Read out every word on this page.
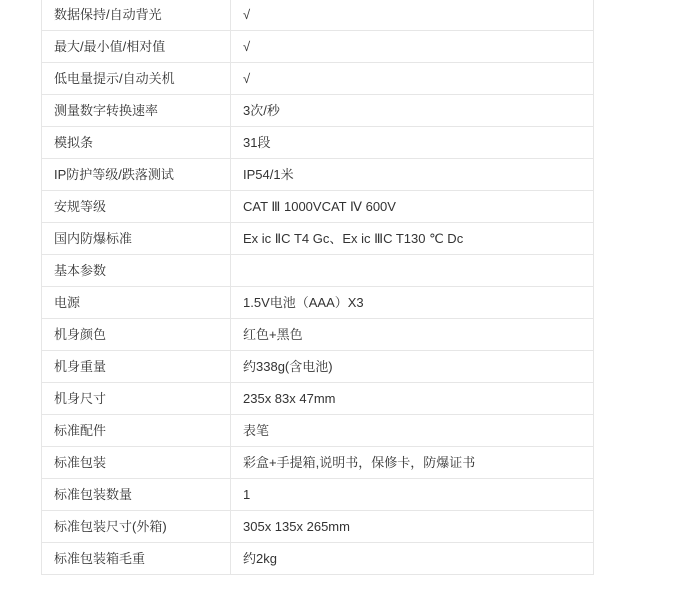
数据保持/自动背光	√
最大/最小值/相对值	√
低电量提示/自动关机	√
测量数字转换速率	3次/秒
模拟条	31段
IP防护等级/跌落测试	IP54/1米
安规等级	CAT Ⅲ 1000VCAT Ⅳ 600V
国内防爆标准	Ex ic ⅡC T4 Gc、Ex ic ⅢC T130 ℃ Dc
基本参数	
电源	1.5V电池（AAA）X3
机身颜色	红色+黑色
机身重量	约338g(含电池)
机身尺寸	235x 83x 47mm
标准配件	表笔
标准包装	彩盒+手提箱,说明书，保修卡，防爆证书
标准包装数量	1
标准包装尺寸(外箱)	305x 135x 265mm
标准包装箱毛重	约2kg
